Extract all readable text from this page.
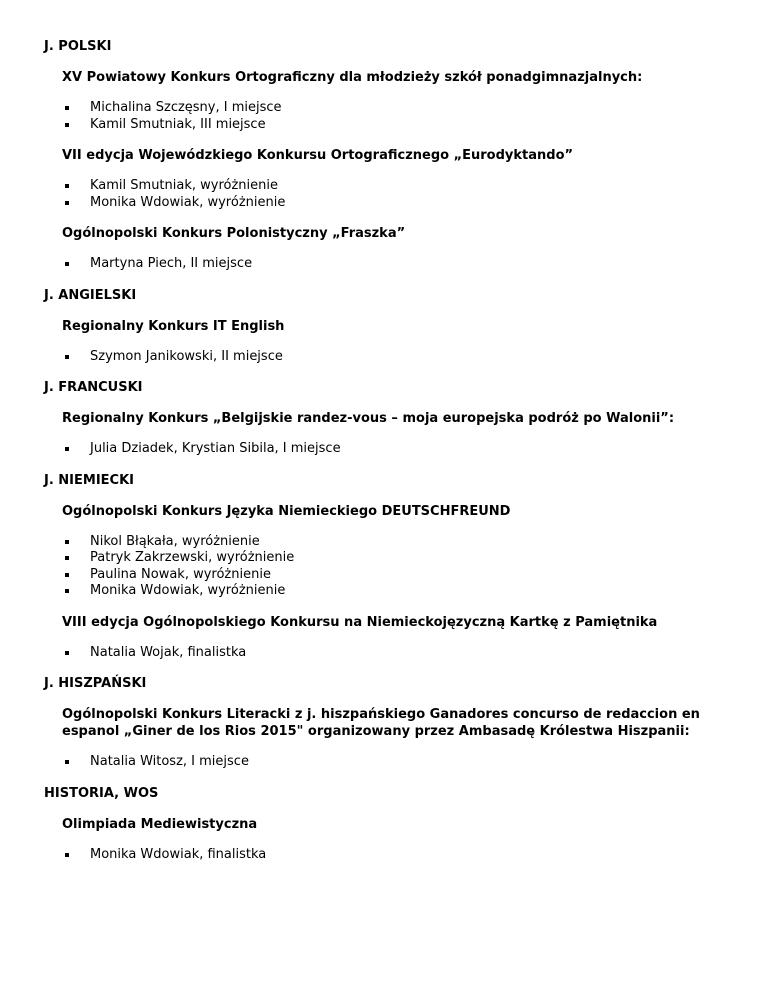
J. POLSKI

XV Powiatowy Konkurs Ortograficzny dla młodzieży szkół ponadgimnazjalnych:

Michalina Szczęsny, I miejsce
Kamil Smutniak, III miejsce

VII edycja Wojewódzkiego Konkursu Ortograficznego „Eurodyktando”

Kamil Smutniak, wyróżnienie
Monika Wdowiak, wyróżnienie

Ogólnopolski Konkurs Polonistyczny „Fraszka”

Martyna Piech, II miejsce

J. ANGIELSKI

Regionalny Konkurs IT English

Szymon Janikowski, II miejsce

J. FRANCUSKI

Regionalny Konkurs „Belgijskie randez-vous – moja europejska podróż po Walonii”:

Julia Dziadek, Krystian Sibila, I miejsce

J. NIEMIECKI

Ogólnopolski Konkurs Języka Niemieckiego DEUTSCHFREUND

Nikol Błąkała, wyróżnienie
Patryk Zakrzewski, wyróżnienie
Paulina Nowak, wyróżnienie
Monika Wdowiak, wyróżnienie

VIII edycja Ogólnopolskiego Konkursu na Niemieckojęzyczną Kartkę z Pamiętnika

Natalia Wojak, finalistka

J. HISZPAŃSKI

Ogólnopolski Konkurs Literacki z j. hiszpańskiego Ganadores concurso de redaccion en espanol „Giner de los Rios 2015" organizowany przez Ambasadę Królestwa Hiszpanii:

Natalia Witosz, I miejsce

HISTORIA, WOS

Olimpiada Mediewistyczna

Monika Wdowiak, finalistka
